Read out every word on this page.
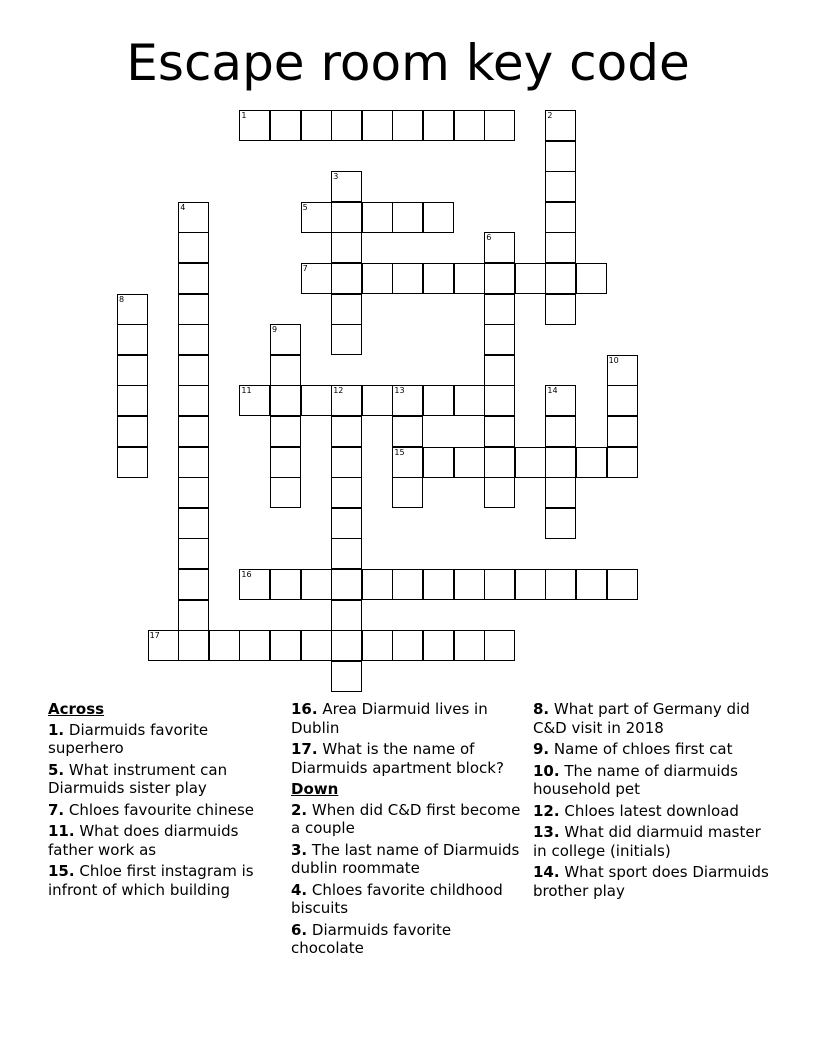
Escape room key code
1	2
3
4	5
6
7
8
9
10
11	12	13
15
14
16
17
Across
1. Diarmuids favorite superhero
5. What instrument can Diarmuids sister play
7. Chloes favourite chinese
11. What does diarmuids father work as
15. Chloe first instagram is infront of which building
16. Area Diarmuid lives in Dublin
17. What is the name of Diarmuids apartment block?
Down
2. When did C&D first become a couple
3. The last name of Diarmuids dublin roommate
4. Chloes favorite childhood biscuits
6. Diarmuids favorite chocolate
8. What part of Germany did C&D visit in 2018
9. Name of chloes first cat
10. The name of diarmuids household pet
12. Chloes latest download
13. What did diarmuid master in college (initials)
14. What sport does Diarmuids brother play
